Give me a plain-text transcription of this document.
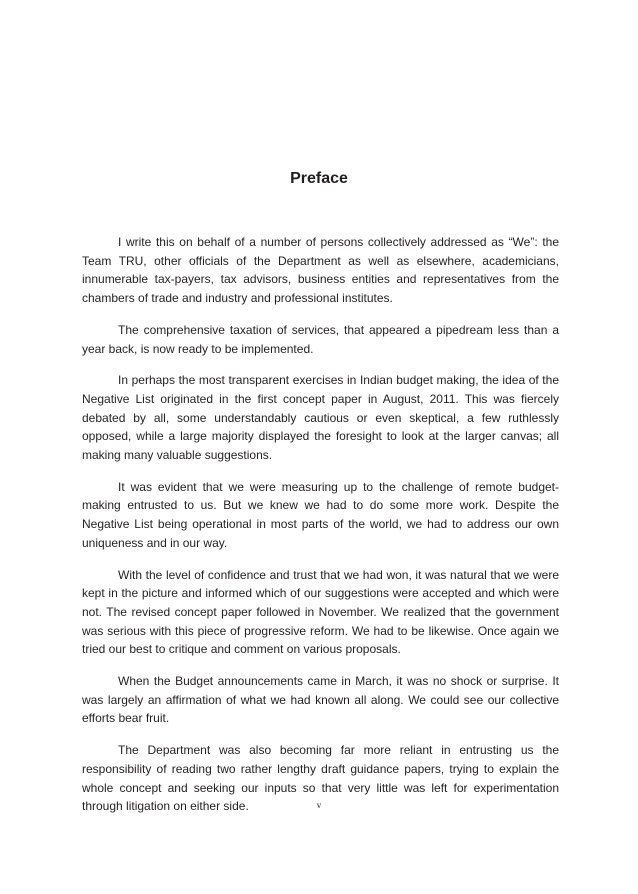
Preface

I write this on behalf of a number of persons collectively addressed as “We”: the Team TRU, other officials of the Department as well as elsewhere, academicians, innumerable tax-payers, tax advisors, business entities and representatives from the chambers of trade and industry and professional institutes.

The comprehensive taxation of services, that appeared a pipedream less than a year back, is now ready to be implemented.

In perhaps the most transparent exercises in Indian budget making, the idea of the Negative List originated in the first concept paper in August, 2011. This was fiercely debated by all, some understandably cautious or even skeptical, a few ruthlessly opposed, while a large majority displayed the foresight to look at the larger canvas; all making many valuable suggestions.

It was evident that we were measuring up to the challenge of remote budget-making entrusted to us. But we knew we had to do some more work. Despite the Negative List being operational in most parts of the world, we had to address our own uniqueness and in our way.

With the level of confidence and trust that we had won, it was natural that we were kept in the picture and informed which of our suggestions were accepted and which were not. The revised concept paper followed in November. We realized that the government was serious with this piece of progressive reform. We had to be likewise. Once again we tried our best to critique and comment on various proposals.

When the Budget announcements came in March, it was no shock or surprise. It was largely an affirmation of what we had known all along. We could see our collective efforts bear fruit.

The Department was also becoming far more reliant in entrusting us the responsibility of reading two rather lengthy draft guidance papers, trying to explain the whole concept and seeking our inputs so that very little was left for experimentation through litigation on either side.	v
